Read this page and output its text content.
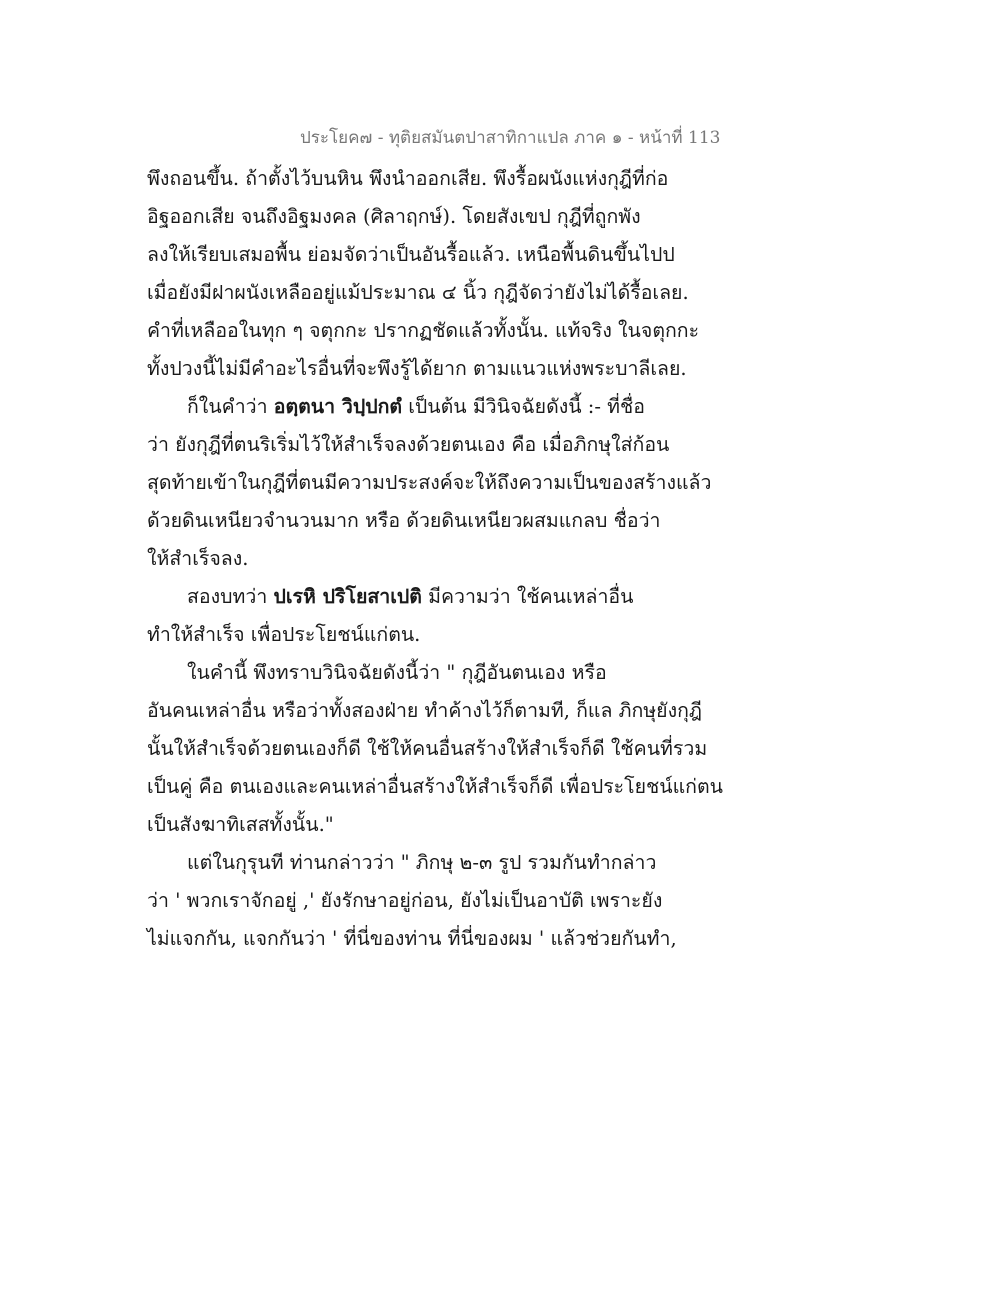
ประโยค๗ - ทุติยสมันตปาสาทิกาแปล ภาค ๑ - หน้าที่ 113
พึงถอนขึ้น. ถ้าตั้งไว้บนหิน พึงนำออกเสีย. พึงรื้อผนังแห่งกุฎีที่ก่อ
อิฐออกเสีย จนถึงอิฐมงคล (ศิลาฤกษ์). โดยสังเขป กุฎีที่ถูกพัง
ลงให้เรียบเสมอพื้น ย่อมจัดว่าเป็นอันรื้อแล้ว. เหนือพื้นดินขึ้นไปป
เมื่อยังมีฝาผนังเหลืออยู่แม้ประมาณ ๔ นิ้ว กุฎีจัดว่ายังไม่ได้รื้อเลย.
คำที่เหลืออในทุก ๆ จตุกกะ ปรากฏชัดแล้วทั้งนั้น. แท้จริง ในจตุกกะ
ทั้งปวงนี้ไม่มีคำอะไรอื่นที่จะพึงรู้ได้ยาก ตามแนวแห่งพระบาลีเลย.
ก็ในคำว่า อตฺตนา วิปฺปกตํ เป็นต้น มีวินิจฉัยดังนี้ :- ที่ชื่อ
ว่า ยังกุฎีที่ตนริเริ่มไว้ให้สำเร็จลงด้วยตนเอง คือ เมื่อภิกษุใส่ก้อน
สุดท้ายเข้าในกุฎีที่ตนมีความประสงค์จะให้ถึงความเป็นของสร้างแล้ว
ด้วยดินเหนียวจำนวนมาก หรือ ด้วยดินเหนียวผสมแกลบ ชื่อว่า
ให้สำเร็จลง.
สองบทว่า ปเรหิ ปริโยสาเปติ มีความว่า ใช้คนเหล่าอื่น
ทำให้สำเร็จ เพื่อประโยชน์แก่ตน.
ในคำนี้ พึงทราบวินิจฉัยดังนี้ว่า " กุฎีอันตนเอง หรือ
อันคนเหล่าอื่น หรือว่าทั้งสองฝ่าย ทำค้างไว้ก็ตามที, ก็แล ภิกษุยังกุฎี
นั้นให้สำเร็จด้วยตนเองก็ดี ใช้ให้คนอื่นสร้างให้สำเร็จก็ดี ใช้คนที่รวม
เป็นคู่ คือ ตนเองและคนเหล่าอื่นสร้างให้สำเร็จก็ดี เพื่อประโยชน์แก่ตน
เป็นสังฆาทิเสสทั้งนั้น."
แต่ในกุรุนที ท่านกล่าวว่า " ภิกษุ ๒-๓ รูป รวมกันทำกล่าว
ว่า ' พวกเราจักอยู่ ,' ยังรักษาอยู่ก่อน, ยังไม่เป็นอาบัติ เพราะยัง
ไม่แจกกัน, แจกกันว่า ' ที่นี่ของท่าน ที่นี่ของผม ' แล้วช่วยกันทำ,
